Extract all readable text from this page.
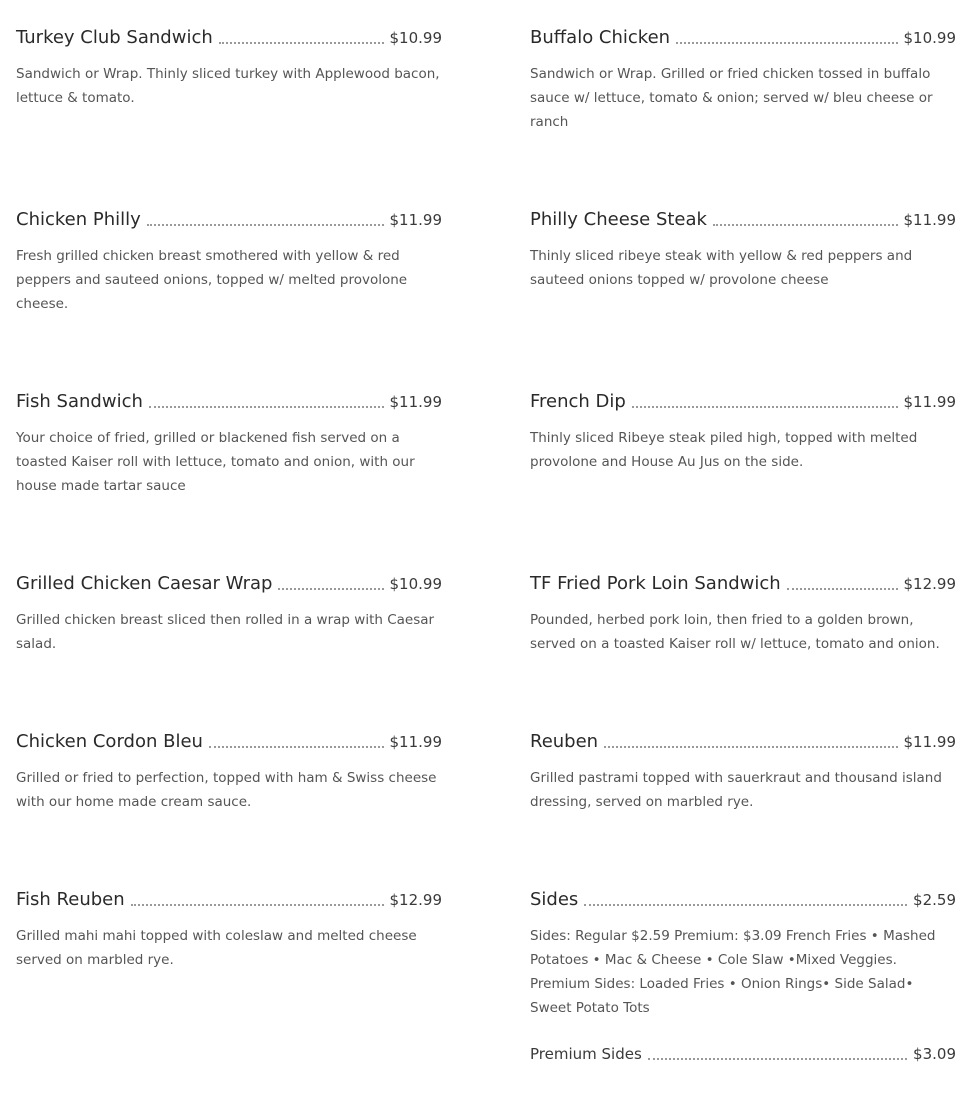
Turkey Club Sandwich	$10.99

Sandwich or Wrap. Thinly sliced turkey with Applewood bacon, lettuce & tomato.

Chicken Philly	$11.99

Fresh grilled chicken breast smothered with yellow & red peppers and sauteed onions, topped w/ melted provolone cheese.

Fish Sandwich	$11.99

Your choice of fried, grilled or blackened fish served on a toasted Kaiser roll with lettuce, tomato and onion, with our house made tartar sauce

Grilled Chicken Caesar Wrap	$10.99

Grilled chicken breast sliced then rolled in a wrap with Caesar salad.

Chicken Cordon Bleu	$11.99

Grilled or fried to perfection, topped with ham & Swiss cheese with our home made cream sauce.

Fish Reuben	$12.99

Grilled mahi mahi topped with coleslaw and melted cheese served on marbled rye.

Buffalo Chicken	$10.99

Sandwich or Wrap. Grilled or fried chicken tossed in buffalo sauce w/ lettuce, tomato & onion; served w/ bleu cheese or ranch

Philly Cheese Steak	$11.99

Thinly sliced ribeye steak with yellow & red peppers and sauteed onions topped w/ provolone cheese

French Dip	$11.99

Thinly sliced Ribeye steak piled high, topped with melted provolone and House Au Jus on the side.

TF Fried Pork Loin Sandwich	$12.99

Pounded, herbed pork loin, then fried to a golden brown, served on a toasted Kaiser roll w/ lettuce, tomato and onion.

Reuben	$11.99

Grilled pastrami topped with sauerkraut and thousand island dressing, served on marbled rye.

Sides	$2.59

Sides: Regular $2.59 Premium: $3.09 French Fries • Mashed Potatoes • Mac & Cheese • Cole Slaw •Mixed Veggies. Premium Sides: Loaded Fries • Onion Rings• Side Salad• Sweet Potato Tots

Premium Sides	$3.09
